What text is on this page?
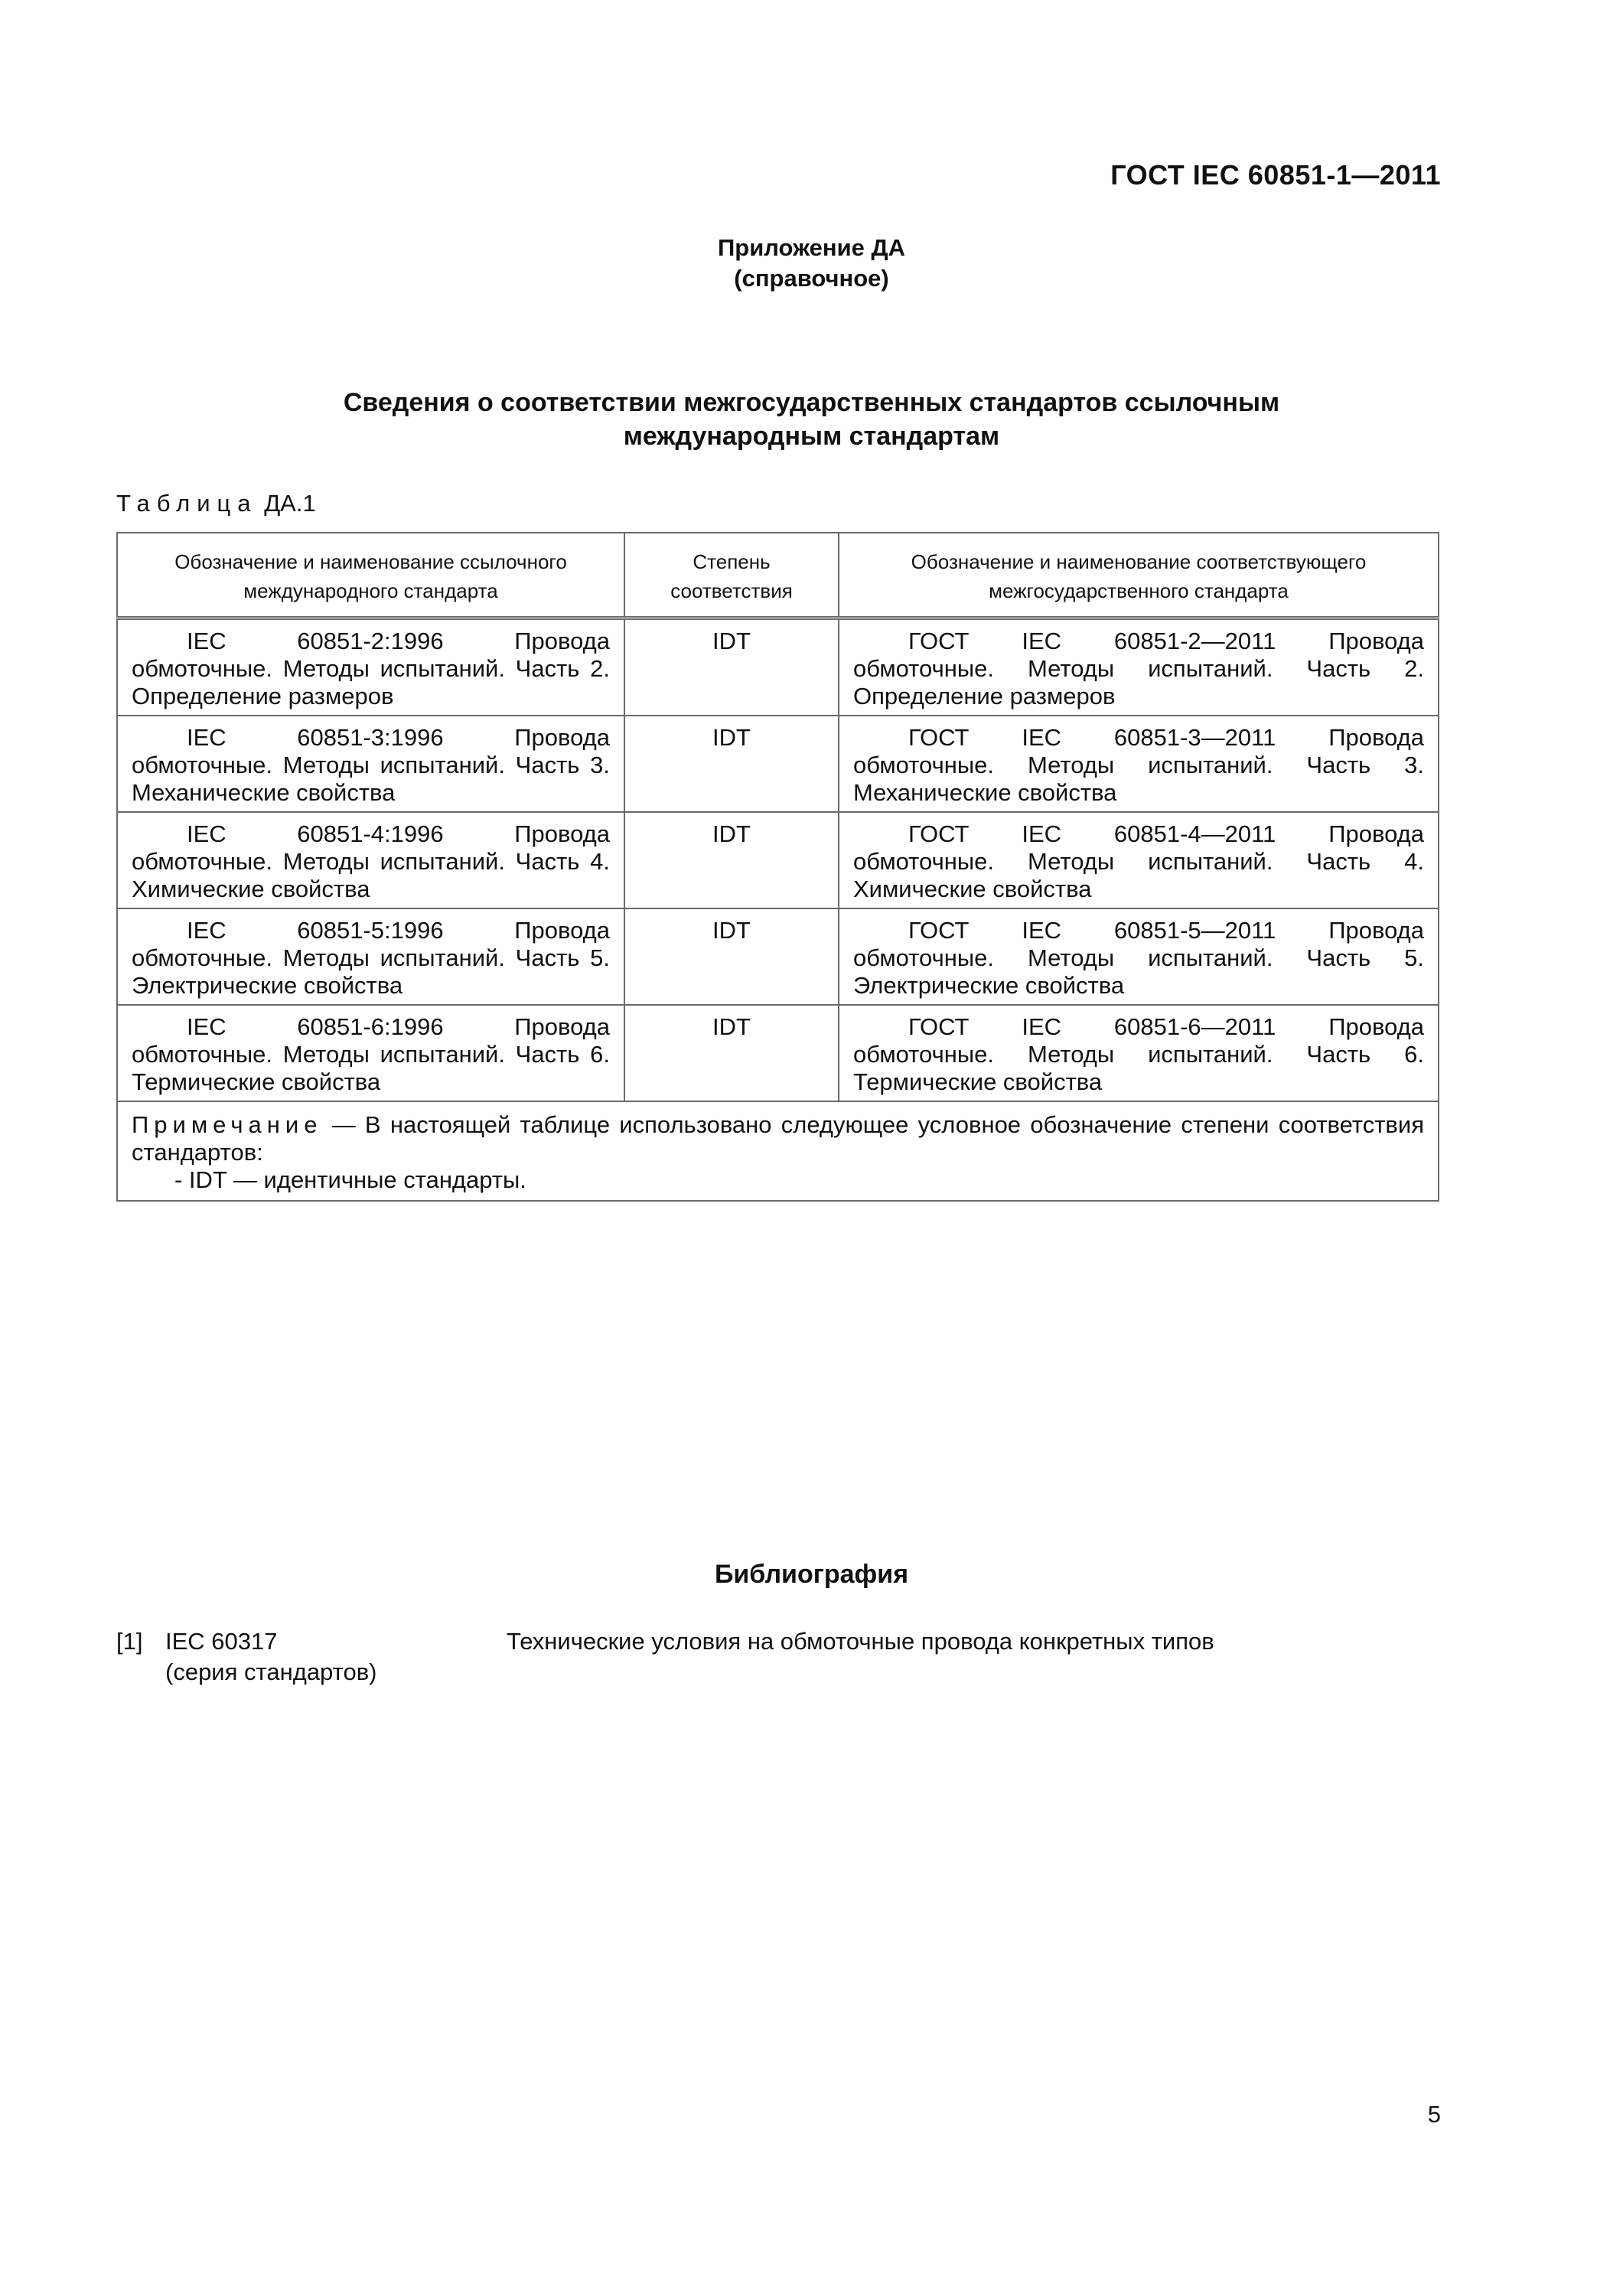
ГОСТ IEC 60851-1—2011
Приложение ДА
(справочное)
Сведения о соответствии межгосударственных стандартов ссылочным
международным стандартам
Таблица ДА.1
Обозначение и наименование ссылочного международного стандарта	Степень соответствия	Обозначение и наименование соответствующего межгосударственного стандарта
IEC 60851-2:1996 Провода обмоточные. Методы испытаний. Часть 2. Определение размеров	IDT	ГОСТ IEC 60851-2—2011 Провода обмоточные. Методы испытаний. Часть 2. Определение размеров
IEC 60851-3:1996 Провода обмоточные. Методы испытаний. Часть 3. Механические свойства	IDT	ГОСТ IEC 60851-3—2011 Провода обмоточные. Методы испытаний. Часть 3. Механические свойства
IEC 60851-4:1996 Провода обмоточные. Методы испытаний. Часть 4. Химические свойства	IDT	ГОСТ IEC 60851-4—2011 Провода обмоточные. Методы испытаний. Часть 4. Химические свойства
IEC 60851-5:1996 Провода обмоточные. Методы испытаний. Часть 5. Электрические свойства	IDT	ГОСТ IEC 60851-5—2011 Провода обмоточные. Методы испытаний. Часть 5. Электрические свойства
IEC 60851-6:1996 Провода обмоточные. Методы испытаний. Часть 6. Термические свойства	IDT	ГОСТ IEC 60851-6—2011 Провода обмоточные. Методы испытаний. Часть 6. Термические свойства

Примечание — В настоящей таблице использовано следующее условное обозначение степени соответствия стандартов:
- IDT — идентичные стандарты.		
Библиография
[1] IEC 60317
(серия стандартов)
Технические условия на обмоточные провода конкретных типов
5
